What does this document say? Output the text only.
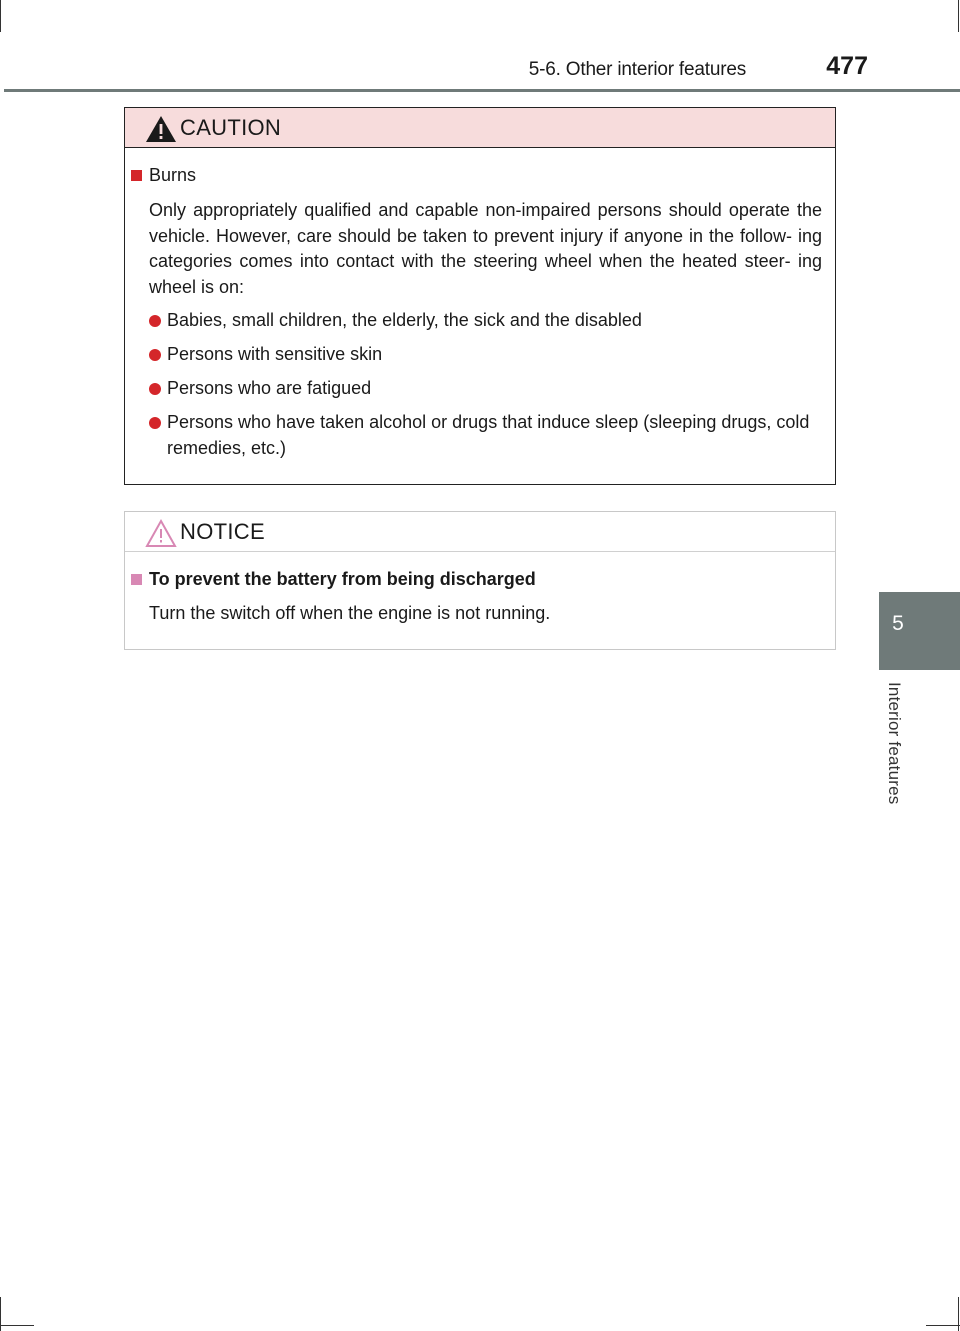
5-6. Other interior features	477
5
Interior features
CAUTION
Burns
Only appropriately qualified and capable non-impaired persons should operate the vehicle. However, care should be taken to prevent injury if anyone in the follow- ing categories comes into contact with the steering wheel when the heated steer- ing wheel is on:
Babies, small children, the elderly, the sick and the disabled
Persons with sensitive skin
Persons who are fatigued
Persons who have taken alcohol or drugs that induce sleep (sleeping drugs, cold remedies, etc.)
NOTICE
To prevent the battery from being discharged
Turn the switch off when the engine is not running.
